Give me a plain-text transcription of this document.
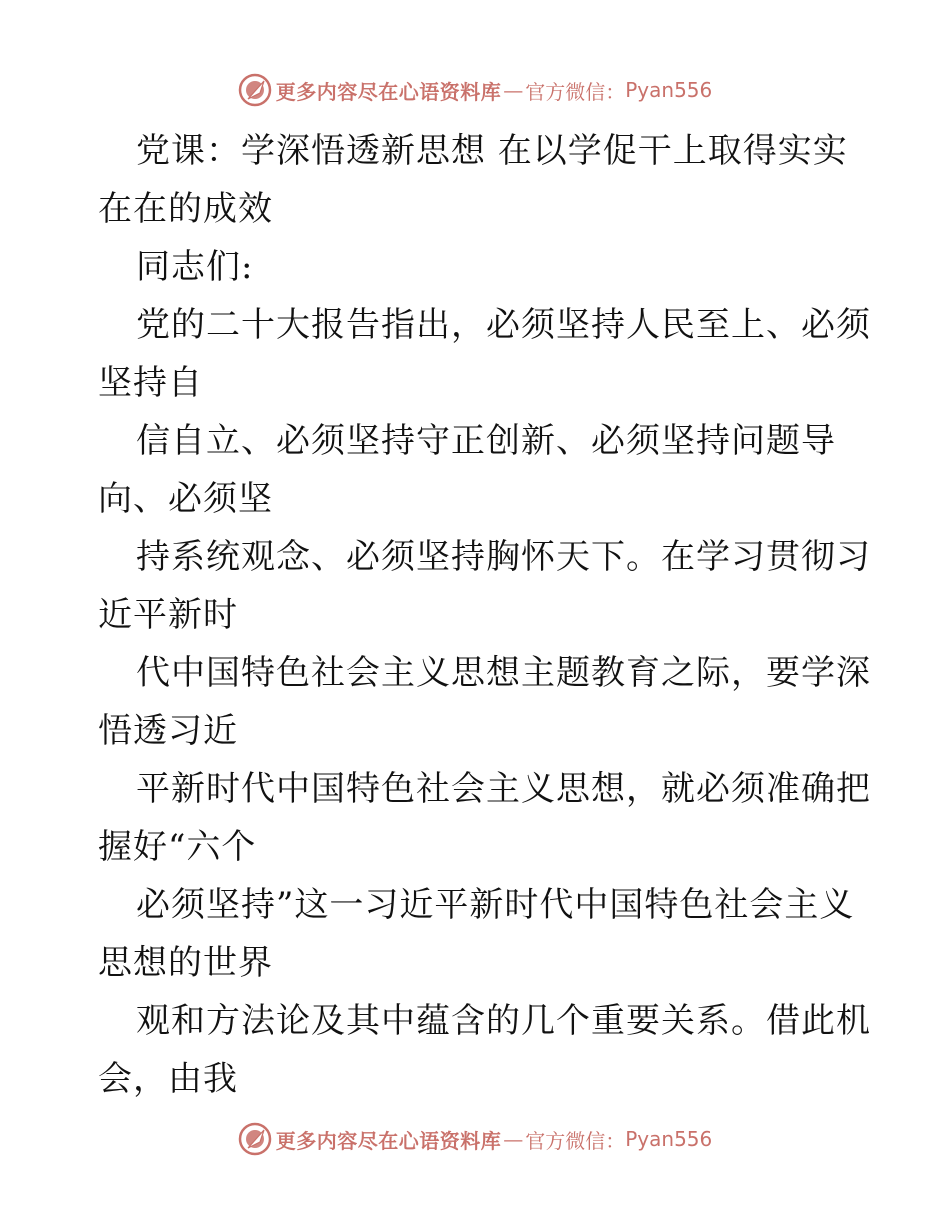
更多内容尽在心语资料库 — 官方微信： Pyan556
党课：学深悟透新思想 在以学促干上取得实实
在在的成效
同志们:
党的二十大报告指出，必须坚持人民至上、必须
坚持自
信自立、必须坚持守正创新、必须坚持问题导
向、必须坚
持系统观念、必须坚持胸怀天下。在学习贯彻习
近平新时
代中国特色社会主义思想主题教育之际，要学深
悟透习近
平新时代中国特色社会主义思想，就必须准确把
握好“六个
必须坚持”这一习近平新时代中国特色社会主义
思想的世界
观和方法论及其中蕴含的几个重要关系。借此机
会，由我
更多内容尽在心语资料库 — 官方微信： Pyan556
